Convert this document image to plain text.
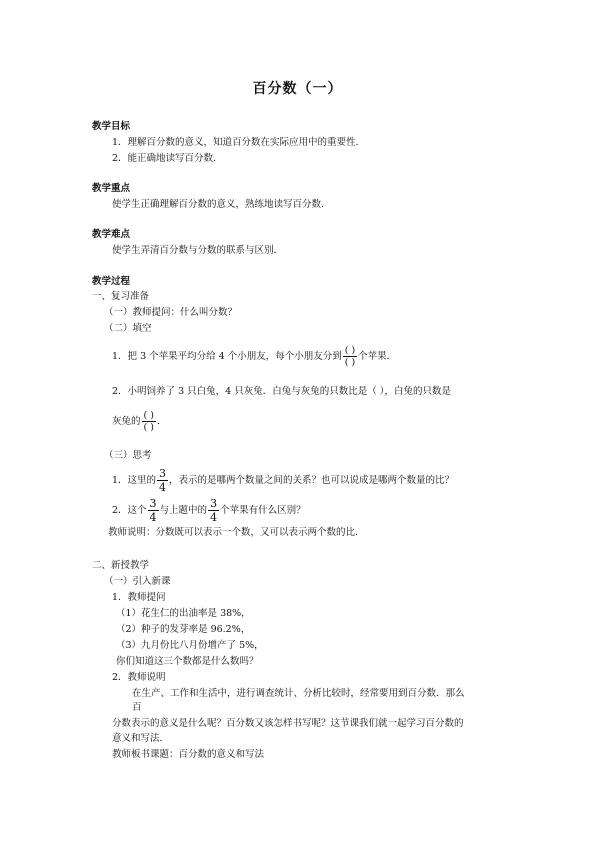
百分数（一）
教学目标
1．理解百分数的意义，知道百分数在实际应用中的重要性．
2．能正确地读写百分数．
教学重点
使学生正确理解百分数的意义，熟练地读写百分数．
教学难点
使学生弄清百分数与分数的联系与区别．
教学过程
一、复习准备
（一）教师提问：什么叫分数？
（二）填空
1．把 3 个苹果平均分给 4 个小朋友，每个小朋友分到 $\frac{( )}{( )}$ 个苹果．
2．小明饲养了 3 只白兔，4 只灰兔．白兔与灰兔的只数比是（ ），白兔的只数是
灰兔的 $\frac{( )}{( )}$ ．
（三）思考
1．这里的 $\frac{3}{4}$ ，表示的是哪两个数量之间的关系？也可以说成是哪两个数量的比？
2．这个 $\frac{3}{4}$ 与上题中的 $\frac{3}{4}$ 个苹果有什么区别？
教师说明：分数既可以表示一个数，又可以表示两个数的比．
二、新授教学
（一）引入新课
1．教师提问
（1）花生仁的出油率是 38%，
（2）种子的发芽率是 96.2%，
（3）九月份比八月份增产了 5%，
你们知道这三个数都是什么数吗？
2．教师说明
在生产、工作和生活中，进行调查统计、分析比较时，经常要用到百分数．那么
百
分数表示的意义是什么呢？百分数又该怎样书写呢？这节课我们就一起学习百分数的
意义和写法．
教师板书课题：百分数的意义和写法
